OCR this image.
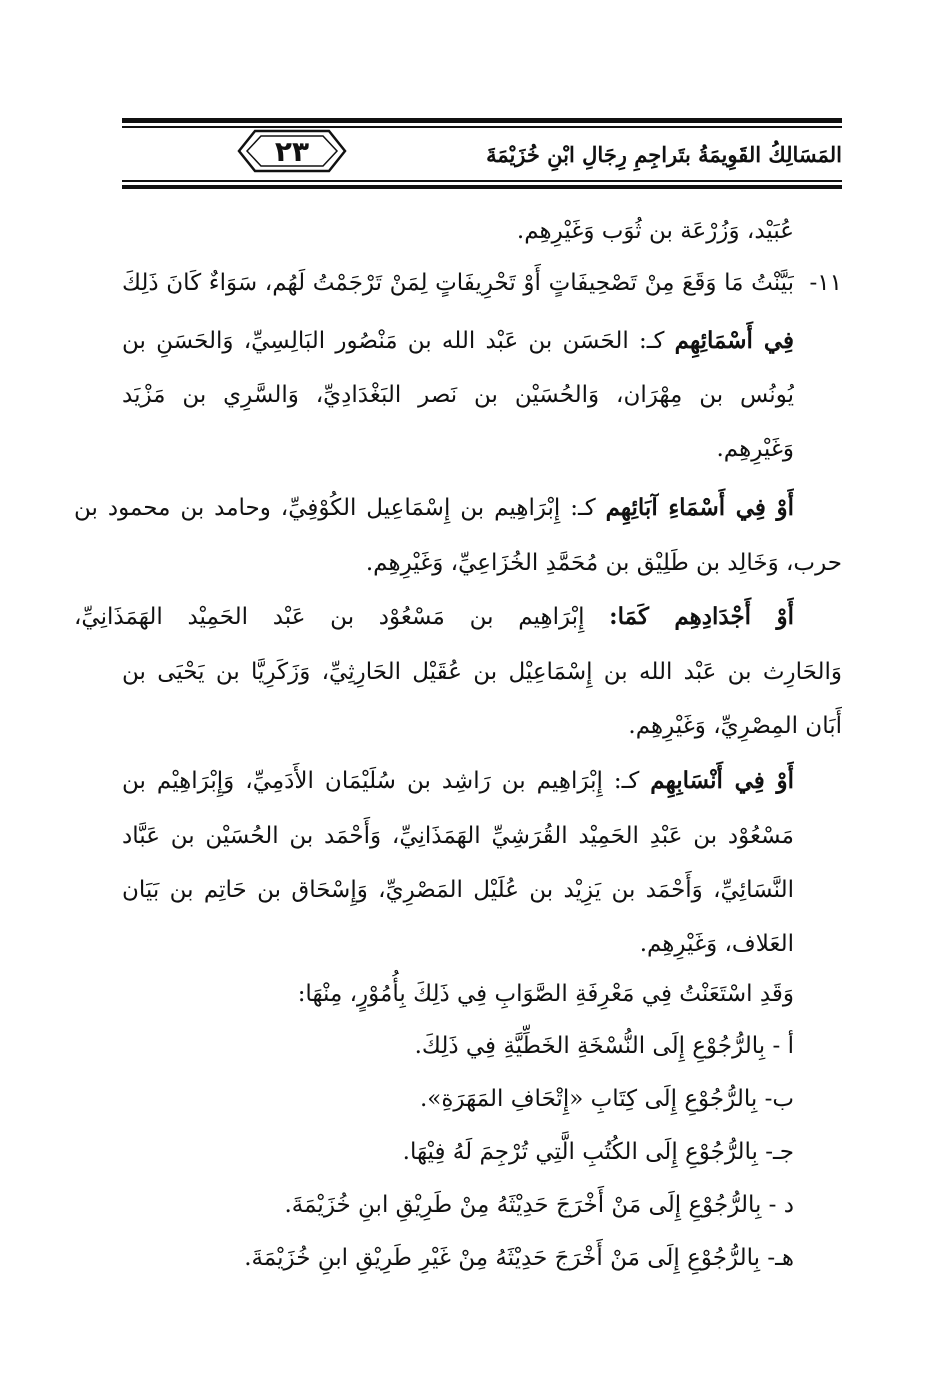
٢٣	المَسَالِكُ القَوِيمَةُ بتَراجِمِ رِجَالِ ابْنِ خُزَيْمَةَ
عُبَيْد، وَزُرْعَة بن ثُوَب وَغَيْرِهِم.
١١-
بَيَّنْتُ مَا وَقَعَ مِنْ تَصْحِيفَاتٍ أَوْ تَحْرِيفَاتٍ لِمَنْ تَرْجَمْتُ لَهُم، سَوَاءٌ كَانَ ذَلِكَ
فِي أَسْمَائِهِم كـ: الحَسَن بن عَبْد الله بن مَنْصُور البَالِسِيِّ، وَالحَسَنِ بن
يُونُس بن مِهْرَان، وَالحُسَيْن بن نَصر البَغْدَادِيِّ، وَالسَّرِي بن مَزْيَد
وَغَيْرِهِم.
أَوْ فِي أَسْمَاءِ آبَائِهِم كـ: إِبْرَاهِيم بن إِسْمَاعِيل الكُوْفِيِّ، وحامد بن محمود بن
حرب، وَخَالِد بن طَلِيْق بن مُحَمَّدِ الخُزَاعِيِّ، وَغَيْرِهِم.
أَوْ أَجْدَادِهِم كَمَا: إِبْرَاهِيم بن مَسْعُوْد بن عَبْد الحَمِيْد الهَمَذَانِيِّ،
وَالحَارِث بن عَبْد الله بن إِسْمَاعِيْل بن عُقَيْل الحَارِثِيِّ، وَزَكَرِيَّا بن يَحْيَى بن
أَبَان المِصْرِيِّ، وَغَيْرِهِم.
أَوْ فِي أَنْسَابِهِم كـ: إِبْرَاهِيم بن رَاشِد بن سُلَيْمَان الأَدَمِيِّ، وَإِبْرَاهِيْم بن
مَسْعُوْد بن عَبْدِ الحَمِيْد القُرَشِيِّ الهَمَذَانِيِّ، وَأَحْمَد بن الحُسَيْن بن عَبَّاد
النَّسَائِيِّ، وَأَحْمَد بن يَزِيْد بن عُلَيْل المَصْرِيِّ، وَإِسْحَاق بن حَاتِم بن بَيَان
العَلاف، وَغَيْرِهِم.
وَقَدِ اسْتَعَنْتُ فِي مَعْرِفَةِ الصَّوَابِ فِي ذَلِكَ بِأُمُوْرٍ، مِنْهَا:
أ - بِالرُّجُوْعِ إِلَى النُّسْخَةِ الخَطِّيَّةِ فِي ذَلِكَ.
ب- بِالرُّجُوْعِ إِلَى كِتَابِ «إِتْحَافِ المَهَرَةِ».
جـ- بِالرُّجُوْعِ إِلَى الكُتُبِ الَّتِي تُرْجِمَ لَهُ فِيْهَا.
د - بِالرُّجُوْعِ إِلَى مَنْ أَخْرَجَ حَدِيْثَهُ مِنْ طَرِيْقِ ابنِ خُزَيْمَةَ.
هـ- بِالرُّجُوْعِ إِلَى مَنْ أَخْرَجَ حَدِيْثَهُ مِنْ غَيْرِ طَرِيْقِ ابنِ خُزَيْمَةَ.
